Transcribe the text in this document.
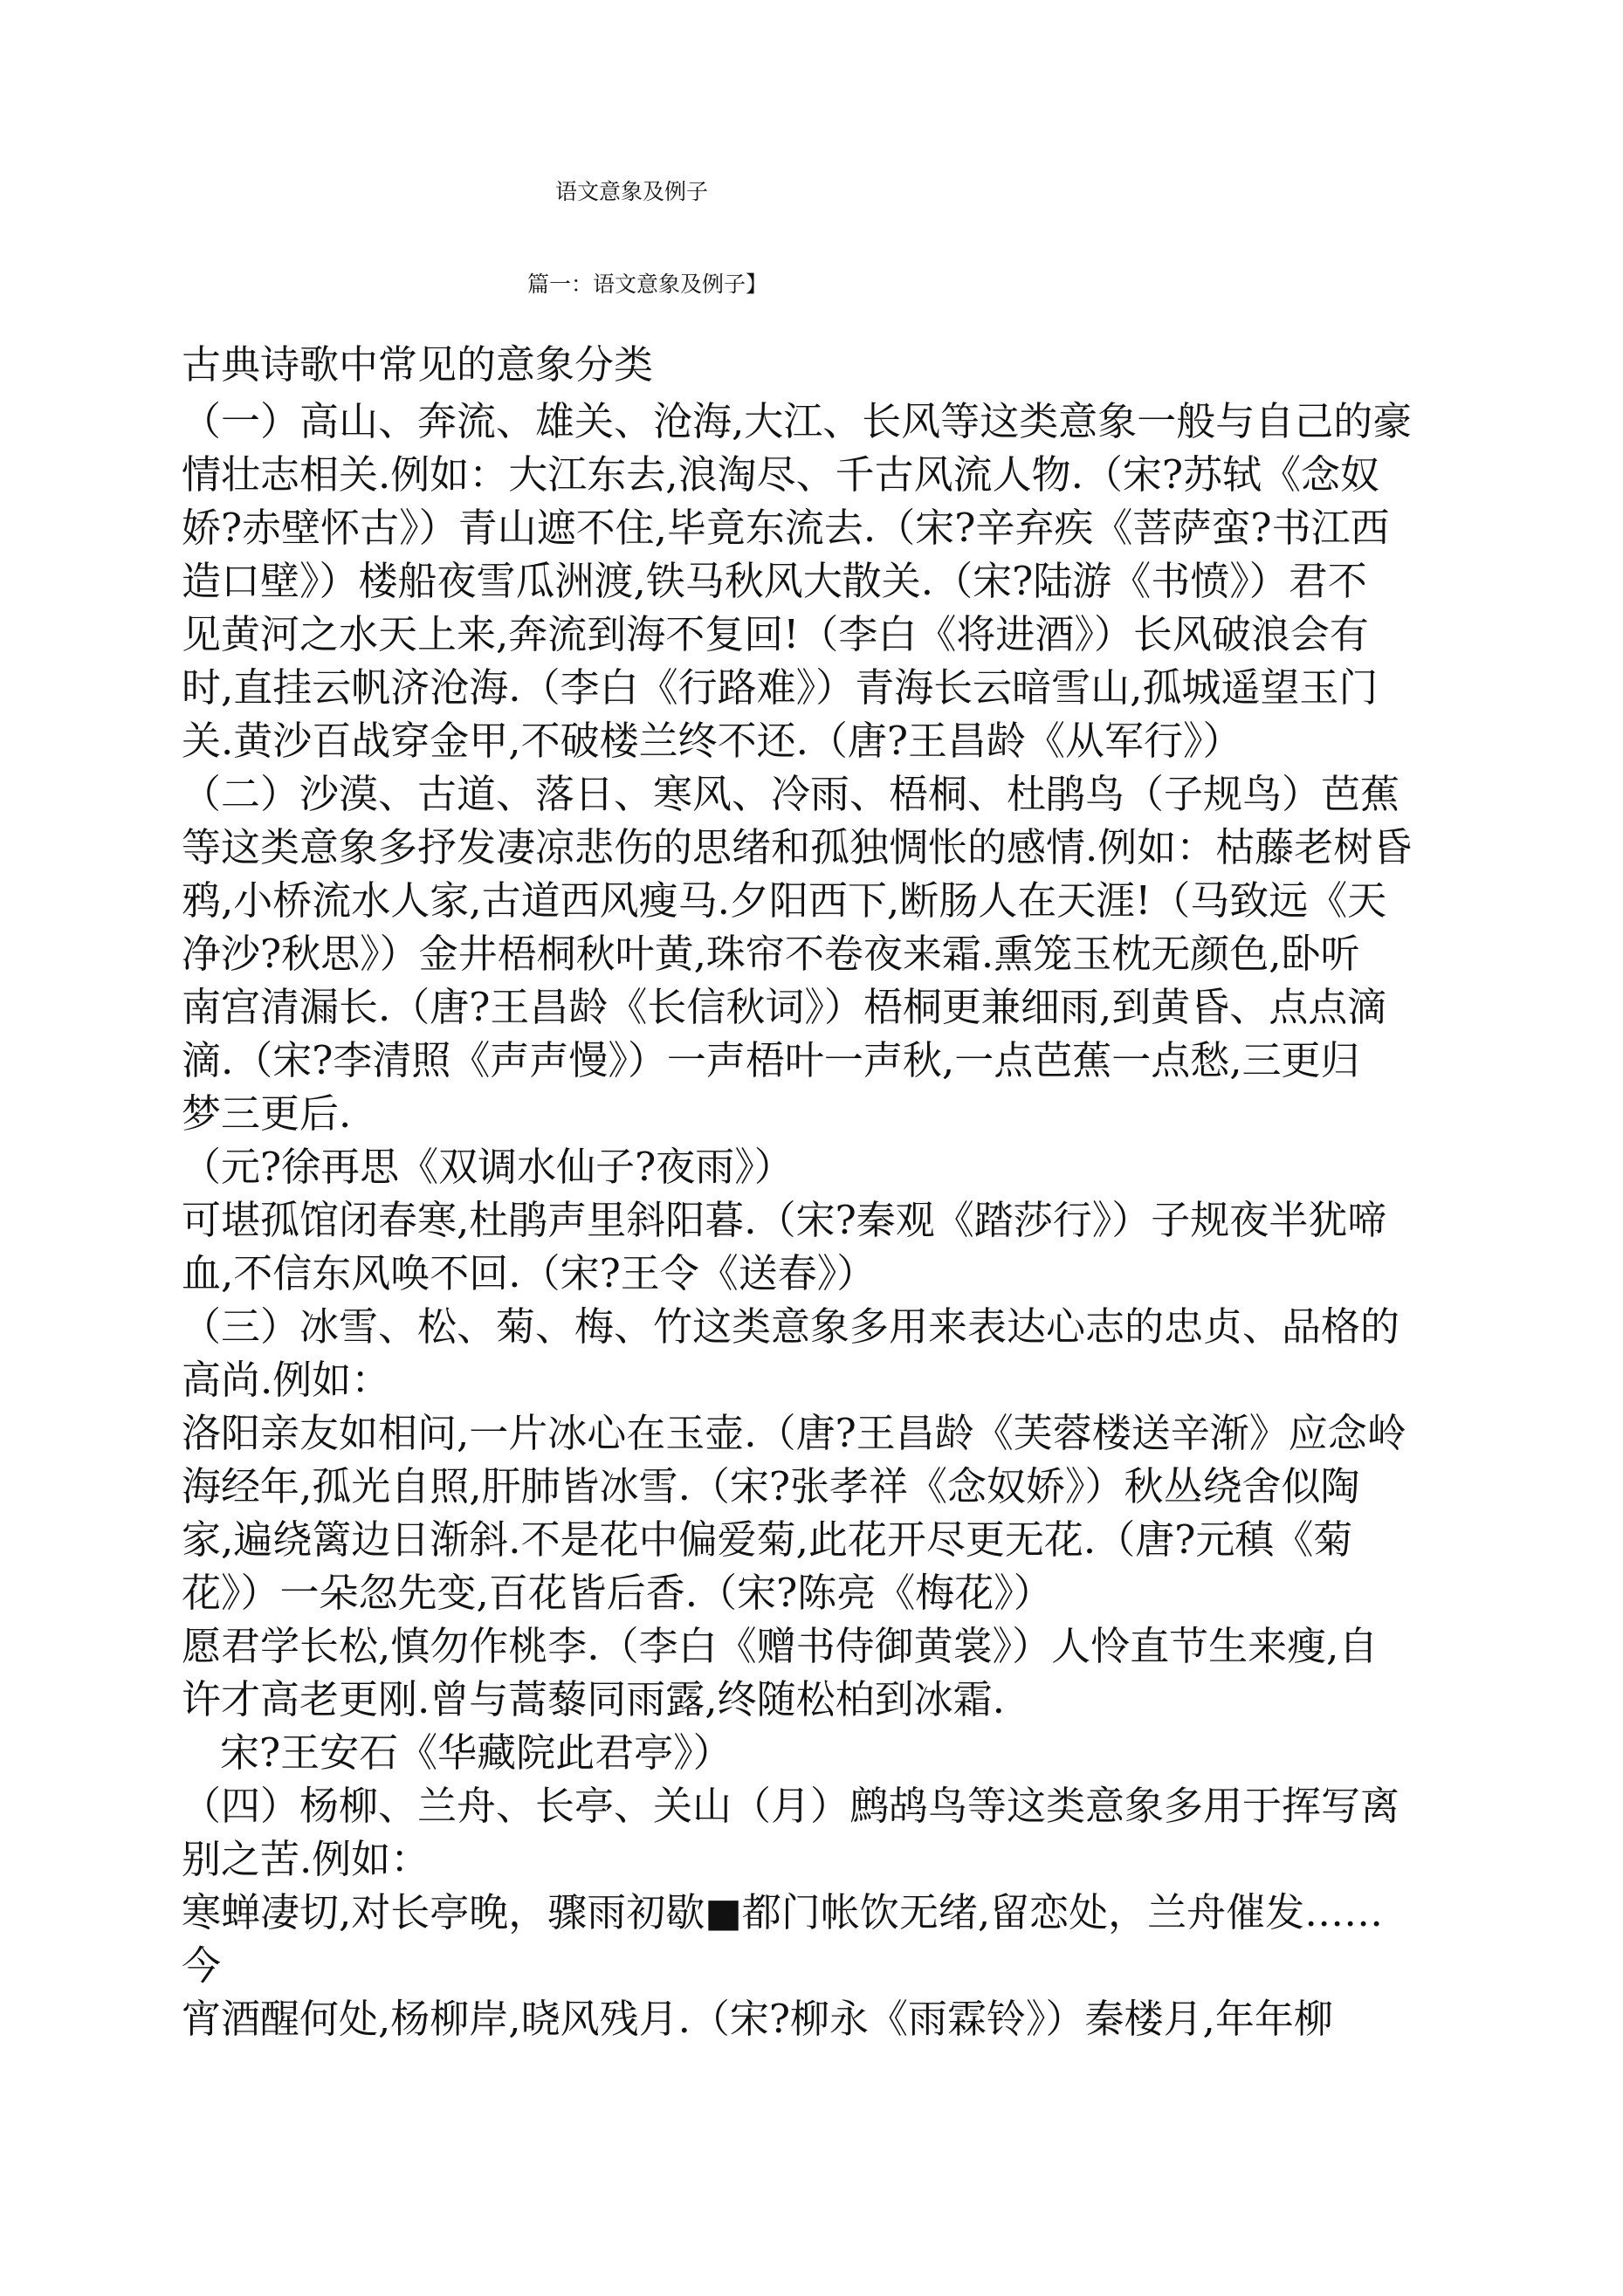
语文意象及例子
篇一：语文意象及例子】

古典诗歌中常见的意象分类

（一）高山、奔流、雄关、沧海,大江、长风等这类意象一般与自己的豪

情壮志相关.例如：大江东去,浪淘尽、千古风流人物.（宋?苏轼《念奴

娇?赤壁怀古》）青山遮不住,毕竟东流去.（宋?辛弃疾《菩萨蛮?书江西

造口壁》）楼船夜雪瓜洲渡,铁马秋风大散关.（宋?陆游《书愤》）君不

见黄河之水天上来,奔流到海不复回!（李白《将进酒》）长风破浪会有

时,直挂云帆济沧海.（李白《行路难》）青海长云暗雪山,孤城遥望玉门

关.黄沙百战穿金甲,不破楼兰终不还.（唐?王昌龄《从军行》）

（二）沙漠、古道、落日、寒风、冷雨、梧桐、杜鹃鸟（子规鸟）芭蕉

等这类意象多抒发凄凉悲伤的思绪和孤独惆怅的感情.例如：枯藤老树昏

鸦,小桥流水人家,古道西风瘦马.夕阳西下,断肠人在天涯!（马致远《天

净沙?秋思》）金井梧桐秋叶黄,珠帘不卷夜来霜.熏笼玉枕无颜色,卧听

南宫清漏长.（唐?王昌龄《长信秋词》）梧桐更兼细雨,到黄昏、点点滴

滴.（宋?李清照《声声慢》）一声梧叶一声秋,一点芭蕉一点愁,三更归

梦三更后.

（元?徐再思《双调水仙子?夜雨》）

可堪孤馆闭春寒,杜鹃声里斜阳暮.（宋?秦观《踏莎行》）子规夜半犹啼

血,不信东风唤不回.（宋?王令《送春》）

（三）冰雪、松、菊、梅、竹这类意象多用来表达心志的忠贞、品格的

高尚.例如：

洛阳亲友如相问,一片冰心在玉壶.（唐?王昌龄《芙蓉楼送辛渐》应念岭

海经年,孤光自照,肝肺皆冰雪.（宋?张孝祥《念奴娇》）秋丛绕舍似陶

家,遍绕篱边日渐斜.不是花中偏爱菊,此花开尽更无花.（唐?元稹《菊

花》）一朵忽先变,百花皆后香.（宋?陈亮《梅花》）

愿君学长松,慎勿作桃李.（李白《赠书侍御黄裳》）人怜直节生来瘦,自

许才高老更刚.曾与蒿藜同雨露,终随松柏到冰霜.

宋?王安石《华藏院此君亭》）

（四）杨柳、兰舟、长亭、关山（月）鹧鸪鸟等这类意象多用于挥写离

别之苦.例如：

寒蝉凄切,对长亭晚，骤雨初歇■都门帐饮无绪,留恋处，兰舟催发……

今

宵酒醒何处,杨柳岸,晓风残月.（宋?柳永《雨霖铃》）秦楼月,年年柳
